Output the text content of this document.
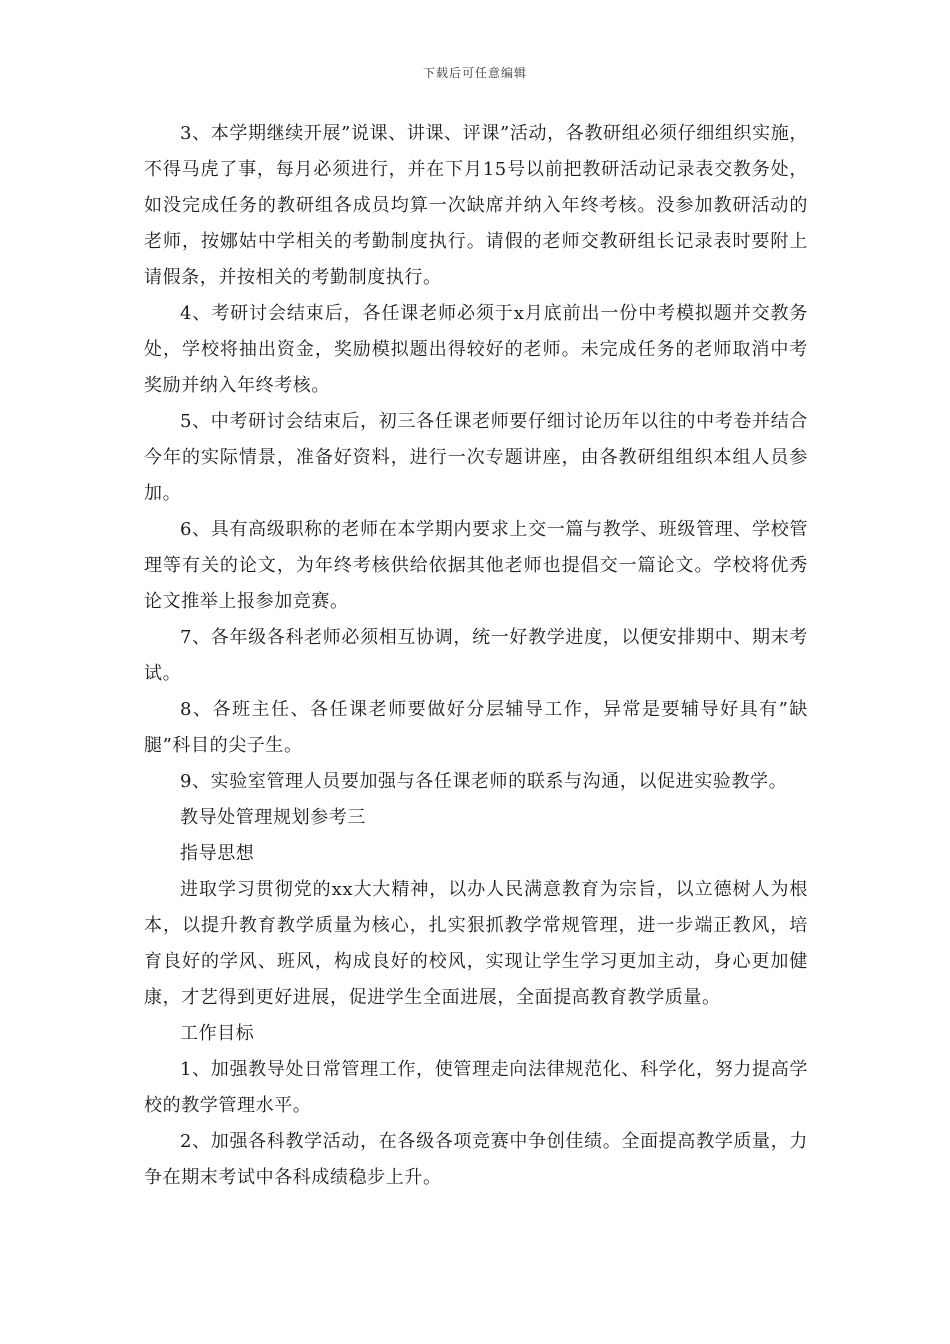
下载后可任意编辑

3、本学期继续开展”说课、讲课、评课”活动，各教研组必须仔细组织实施，不得马虎了事，每月必须进行，并在下月15号以前把教研活动记录表交教务处，如没完成任务的教研组各成员均算一次缺席并纳入年终考核。没参加教研活动的老师，按娜姑中学相关的考勤制度执行。请假的老师交教研组长记录表时要附上请假条，并按相关的考勤制度执行。

4、考研讨会结束后，各任课老师必须于x月底前出一份中考模拟题并交教务处，学校将抽出资金，奖励模拟题出得较好的老师。未完成任务的老师取消中考奖励并纳入年终考核。

5、中考研讨会结束后，初三各任课老师要仔细讨论历年以往的中考卷并结合今年的实际情景，准备好资料，进行一次专题讲座，由各教研组组织本组人员参加。

6、具有高级职称的老师在本学期内要求上交一篇与教学、班级管理、学校管理等有关的论文，为年终考核供给依据其他老师也提倡交一篇论文。学校将优秀论文推举上报参加竞赛。

7、各年级各科老师必须相互协调，统一好教学进度，以便安排期中、期末考试。

8、各班主任、各任课老师要做好分层辅导工作，异常是要辅导好具有”缺腿”科目的尖子生。

9、实验室管理人员要加强与各任课老师的联系与沟通，以促进实验教学。

教导处管理规划参考三

指导思想

进取学习贯彻党的xx大大精神，以办人民满意教育为宗旨，以立德树人为根本，以提升教育教学质量为核心，扎实狠抓教学常规管理，进一步端正教风，培育良好的学风、班风，构成良好的校风，实现让学生学习更加主动，身心更加健康，才艺得到更好进展，促进学生全面进展，全面提高教育教学质量。

工作目标

1、加强教导处日常管理工作，使管理走向法律规范化、科学化，努力提高学校的教学管理水平。

2、加强各科教学活动，在各级各项竞赛中争创佳绩。全面提高教学质量，力争在期末考试中各科成绩稳步上升。
